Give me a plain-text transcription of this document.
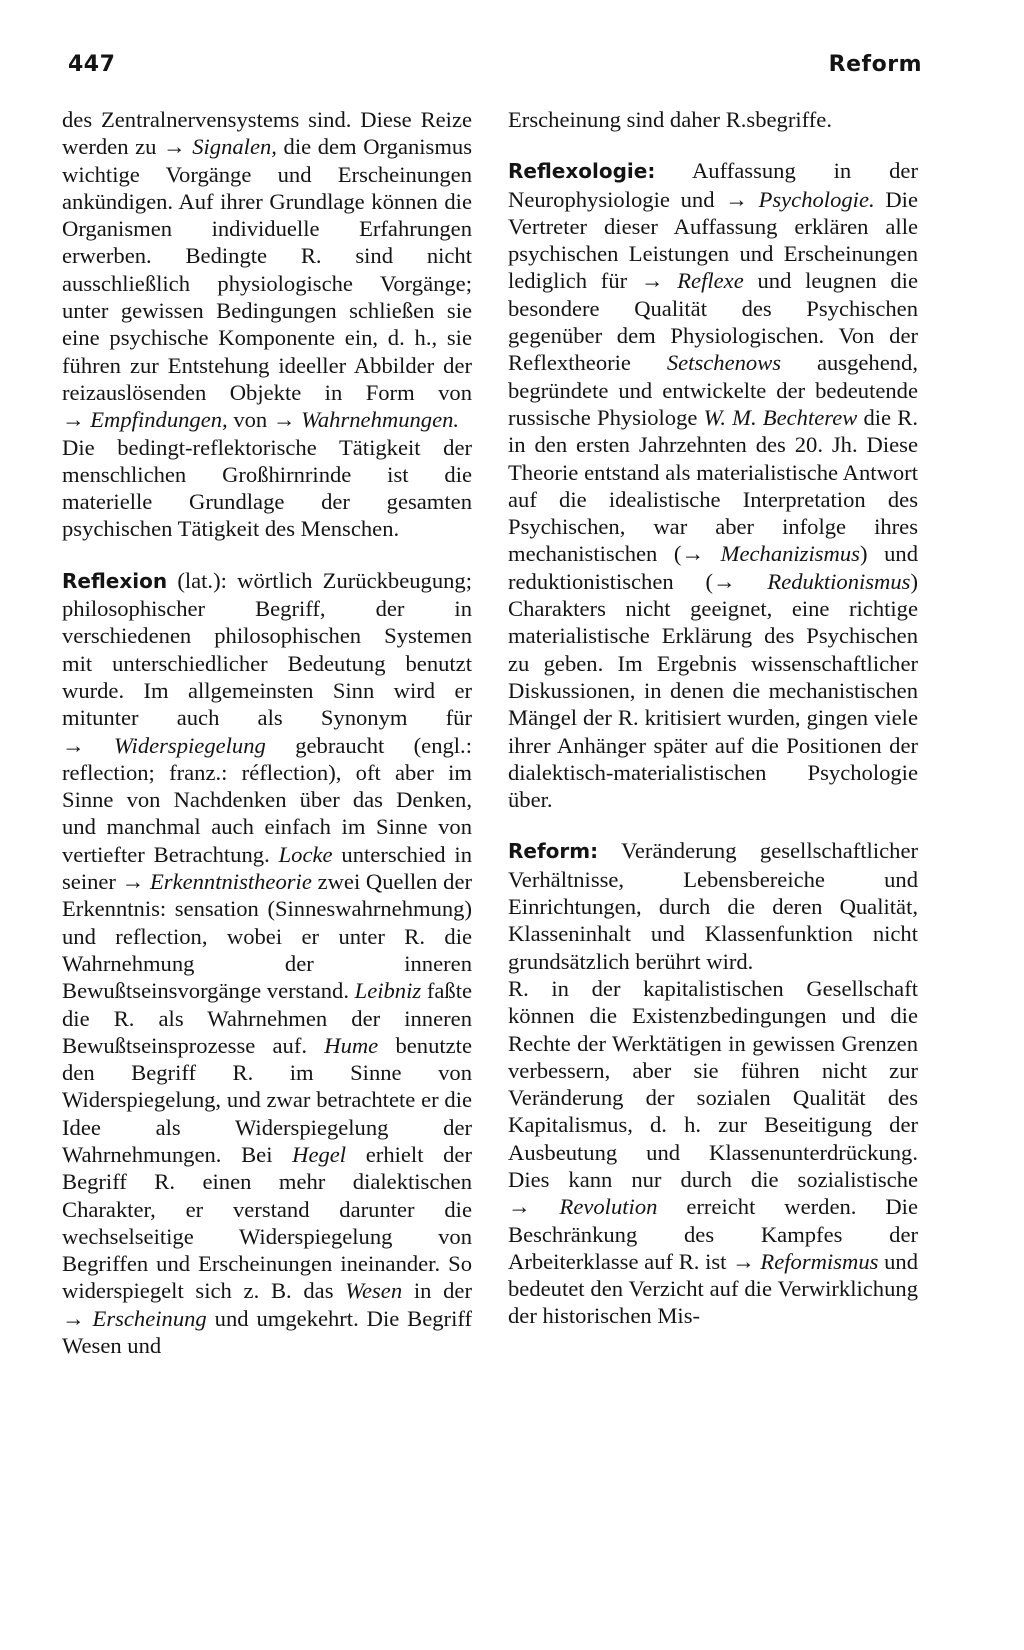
447	Reform

des Zentralnervensystems sind. Diese Reize werden zu → Signalen, die dem Organismus wichtige Vorgänge und Erscheinungen ankündigen. Auf ihrer Grundlage können die Organismen individuelle Erfahrungen erwerben. Bedingte R. sind nicht ausschließlich physiologische Vorgänge; unter gewissen Bedingungen schließen sie eine psychische Komponente ein, d. h., sie führen zur Entstehung ideeller Abbilder der reizauslösenden Objekte in Form von → Empfindungen, von → Wahrnehmungen.

Die bedingt-reflektorische Tätigkeit der menschlichen Großhirnrinde ist die materielle Grundlage der gesamten psychischen Tätigkeit des Menschen.

Reflexion (lat.): wörtlich Zurückbeugung; philosophischer Begriff, der in verschiedenen philosophischen Systemen mit unterschiedlicher Bedeutung benutzt wurde. Im allgemeinsten Sinn wird er mitunter auch als Synonym für → Widerspiegelung gebraucht (engl.: reflection; franz.: réflection), oft aber im Sinne von Nachdenken über das Denken, und manchmal auch einfach im Sinne von vertiefter Betrachtung. Locke unterschied in seiner → Erkenntnistheorie zwei Quellen der Erkenntnis: sensation (Sinneswahrnehmung) und reflection, wobei er unter R. die Wahrnehmung der inneren Bewußtseinsvorgänge verstand. Leibniz faßte die R. als Wahrnehmen der inneren Bewußtseinsprozesse auf. Hume benutzte den Begriff R. im Sinne von Widerspiegelung, und zwar betrachtete er die Idee als Widerspiegelung der Wahrnehmungen. Bei Hegel erhielt der Begriff R. einen mehr dialektischen Charakter, er verstand darunter die wechselseitige Widerspiegelung von Begriffen und Erscheinungen ineinander. So widerspiegelt sich z. B. das Wesen in der → Erscheinung und umgekehrt. Die Begriff Wesen und

Erscheinung sind daher R.sbegriffe.

Reflexologie: Auffassung in der Neurophysiologie und → Psychologie. Die Vertreter dieser Auffassung erklären alle psychischen Leistungen und Erscheinungen lediglich für → Reflexe und leugnen die besondere Qualität des Psychischen gegenüber dem Physiologischen. Von der Reflextheorie Setschenows ausgehend, begründete und entwickelte der bedeutende russische Physiologe W. M. Bechterew die R. in den ersten Jahrzehnten des 20. Jh. Diese Theorie entstand als materialistische Antwort auf die idealistische Interpretation des Psychischen, war aber infolge ihres mechanistischen (→ Mechanizismus) und reduktionistischen (→ Reduktionismus) Charakters nicht geeignet, eine richtige materialistische Erklärung des Psychischen zu geben. Im Ergebnis wissenschaftlicher Diskussionen, in denen die mechanistischen Mängel der R. kritisiert wurden, gingen viele ihrer Anhänger später auf die Positionen der dialektisch-materialistischen Psychologie über.

Reform: Veränderung gesellschaftlicher Verhältnisse, Lebensbereiche und Einrichtungen, durch die deren Qualität, Klasseninhalt und Klassenfunktion nicht grundsätzlich berührt wird.

R. in der kapitalistischen Gesellschaft können die Existenzbedingungen und die Rechte der Werktätigen in gewissen Grenzen verbessern, aber sie führen nicht zur Veränderung der sozialen Qualität des Kapitalismus, d. h. zur Beseitigung der Ausbeutung und Klassenunterdrückung. Dies kann nur durch die sozialistische → Revolution erreicht werden. Die Beschränkung des Kampfes der Arbeiterklasse auf R. ist → Reformismus und bedeutet den Verzicht auf die Verwirklichung der historischen Mis-
